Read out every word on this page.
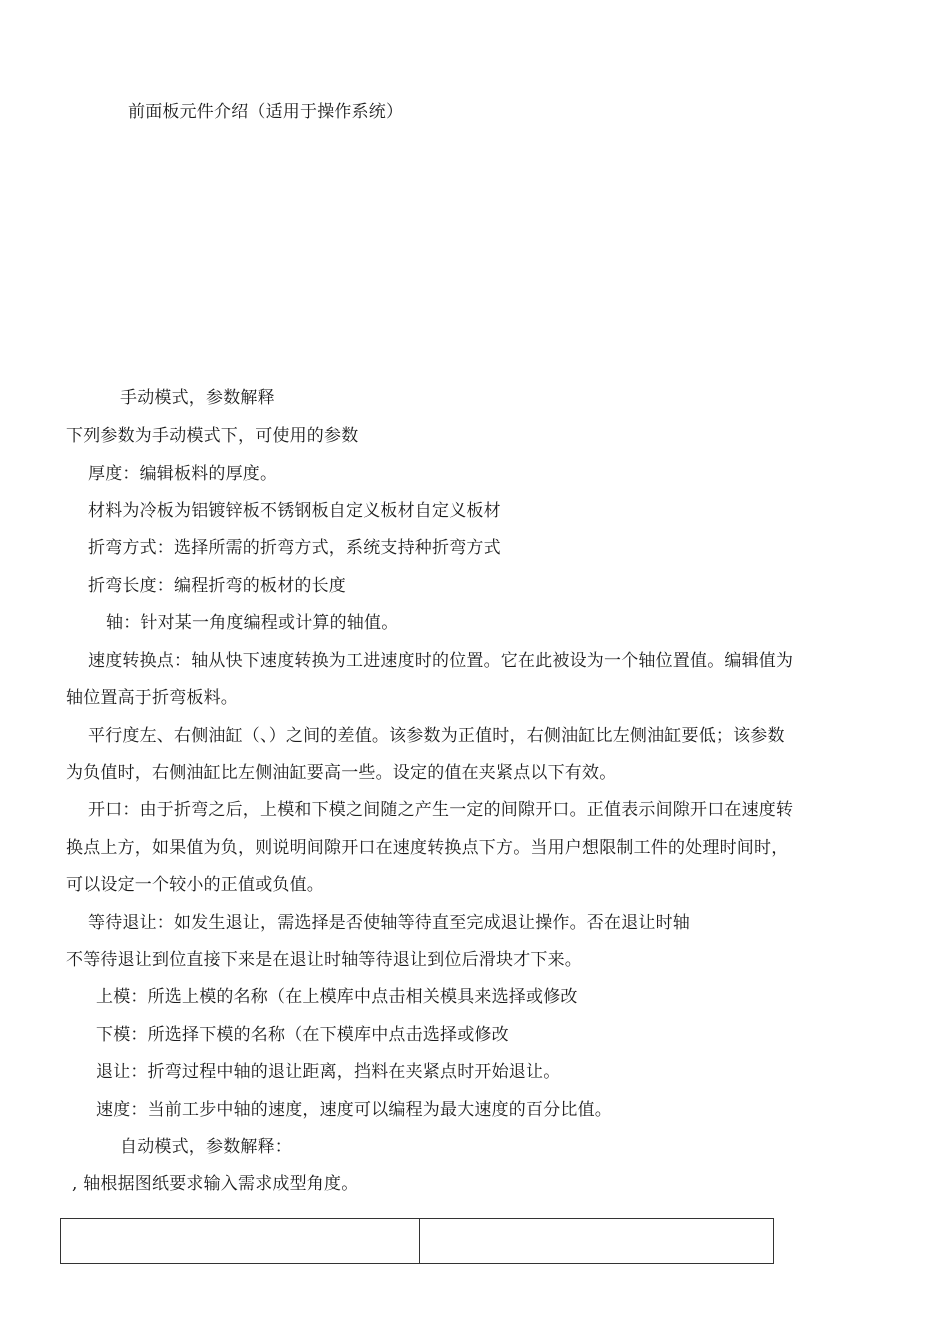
前面板元件介绍（适用于操作系统）
手动模式，参数解释
下列参数为手动模式下，可使用的参数
厚度：编辑板料的厚度。
材料为冷板为铝镀锌板不锈钢板自定义板材自定义板材
折弯方式：选择所需的折弯方式，系统支持种折弯方式
折弯长度：编程折弯的板材的长度
轴：针对某一角度编程或计算的轴值。
速度转换点：轴从快下速度转换为工进速度时的位置。它在此被设为一个轴位置值。编辑值为
轴位置高于折弯板料。
平行度左、右侧油缸（、）之间的差值。该参数为正值时，右侧油缸比左侧油缸要低；该参数
为负值时，右侧油缸比左侧油缸要高一些。设定的值在夹紧点以下有效。
开口：由于折弯之后，上模和下模之间随之产生一定的间隙开口。正值表示间隙开口在速度转
换点上方，如果值为负，则说明间隙开口在速度转换点下方。当用户想限制工件的处理时间时，
可以设定一个较小的正值或负值。
等待退让：如发生退让，需选择是否使轴等待直至完成退让操作。否在退让时轴
不等待退让到位直接下来是在退让时轴等待退让到位后滑块才下来。
上模：所选上模的名称（在上模库中点击相关模具来选择或修改
下模：所选择下模的名称（在下模库中点击选择或修改
退让：折弯过程中轴的退让距离，挡料在夹紧点时开始退让。
速度：当前工步中轴的速度，速度可以编程为最大速度的百分比值。
自动模式，参数解释：
, 轴根据图纸要求输入需求成型角度。
